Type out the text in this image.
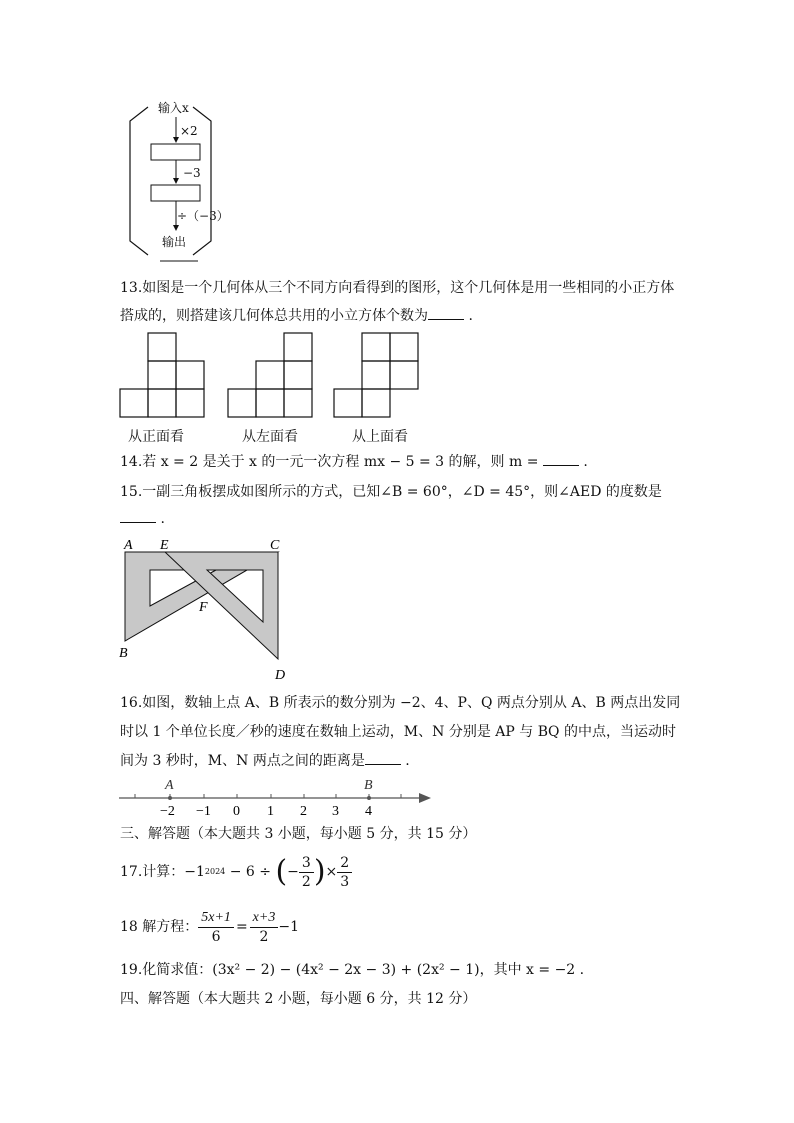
输入x
×2
−3
÷（−3）
输出
13.如图是一个几何体从三个不同方向看得到的图形，这个几何体是用一些相同的小正方体
搭成的，则搭建该几何体总共用的小立方体个数为	.
从正面看	从左面看	从上面看
14.若 x = 2 是关于 x 的一元一次方程 mx − 5 = 3 的解，则 m =	.
15.一副三角板摆成如图所示的方式，已知∠B = 60°，∠D = 45°，则∠AED 的度数是
.
A E	C
F
B
D
16.如图，数轴上点 A、B 所表示的数分别为 −2、4、P、Q 两点分别从 A、B 两点出发同
时以 1 个单位长度／秒的速度在数轴上运动，M、N 分别是 AP 与 BQ 的中点，当运动时
间为 3 秒时，M、N 两点之间的距离是	.
A	B
−2 −1 0 1 2 3 4
三、解答题（本大题共 3 小题，每小题 5 分，共 15 分）
17.计算： −1 2024 − 6 ÷ ( − $\frac{3}{2}$ ) × $\frac{2}{3}$
18 解方程： $\frac{5x+1}{6} = \frac{x+3}{2} -1$
19.化简求值：(3x² − 2) − (4x² − 2x − 3) + (2x² − 1)，其中 x = −2 .
四、解答题（本大题共 2 小题，每小题 6 分，共 12 分）
